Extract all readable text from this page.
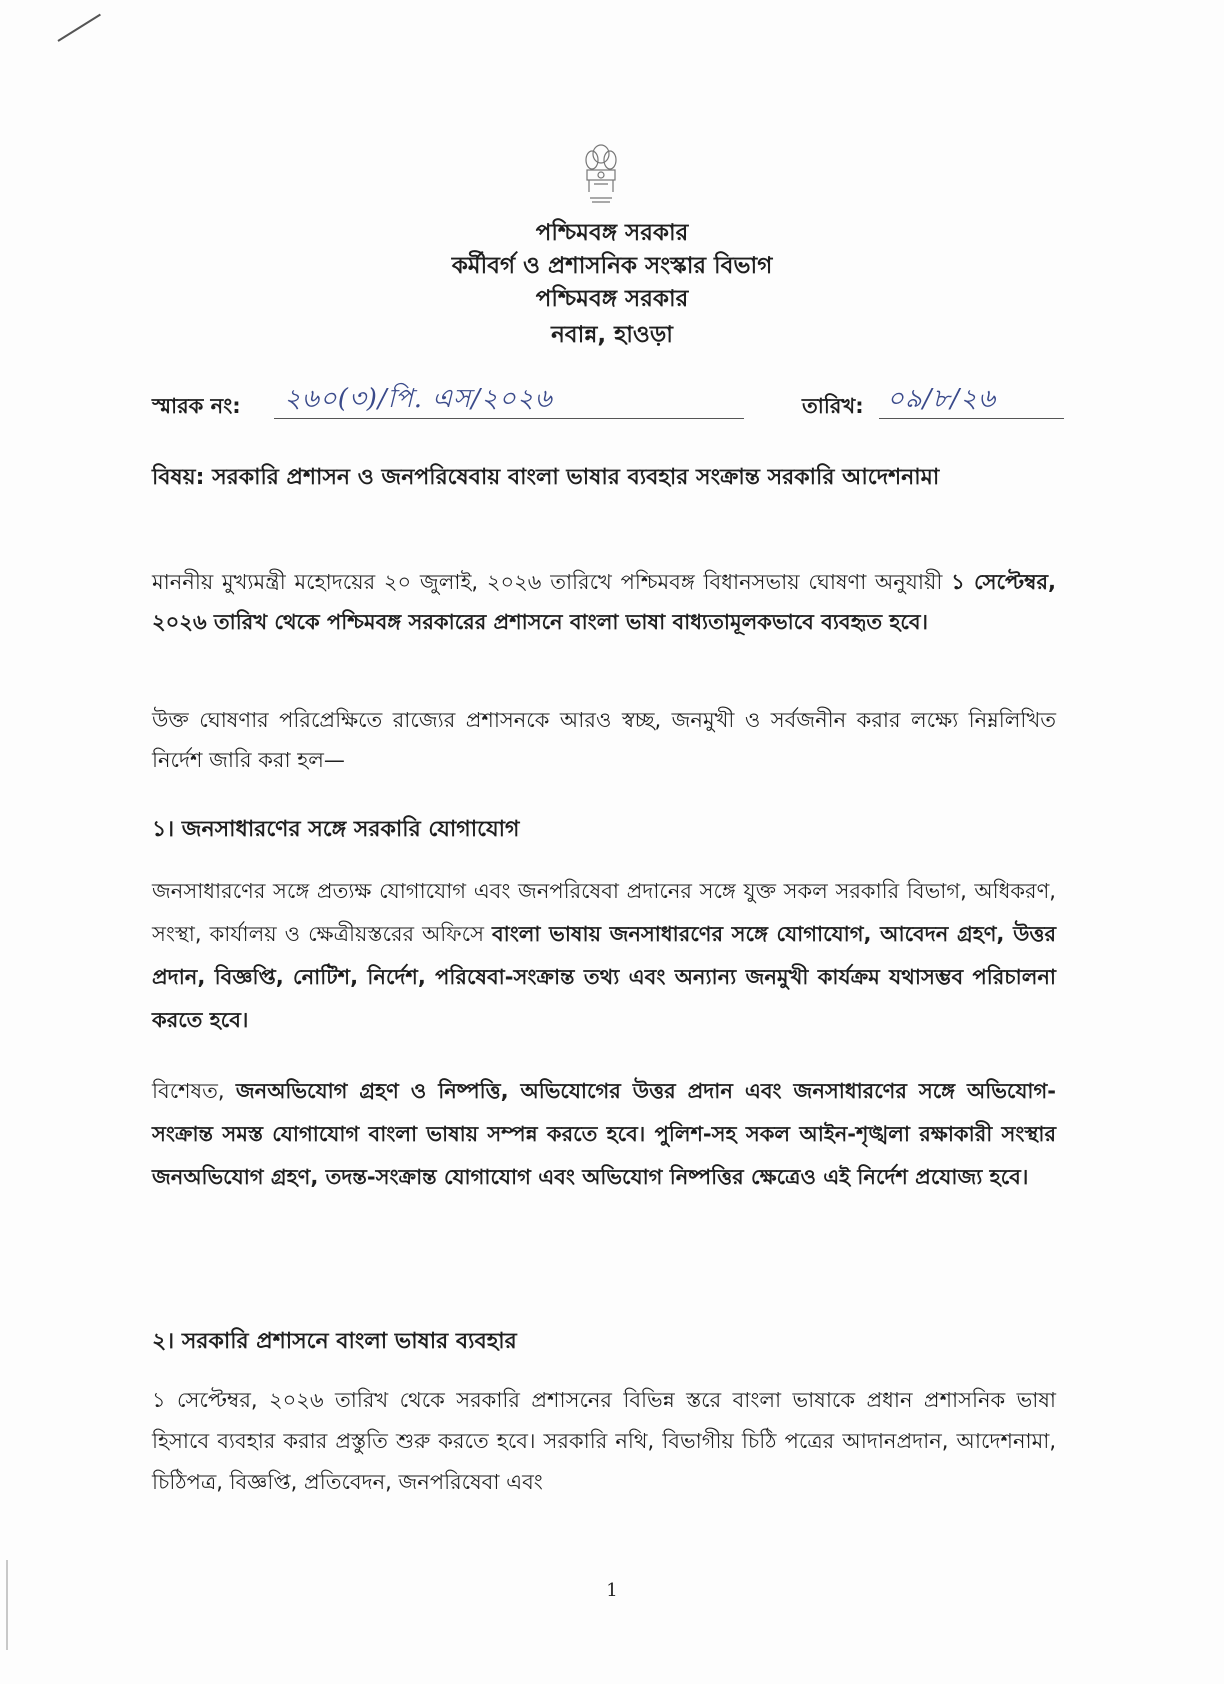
পশ্চিমবঙ্গ সরকার
কর্মীবর্গ ও প্রশাসনিক সংস্কার বিভাগ
পশ্চিমবঙ্গ সরকার
নবান্ন, হাওড়া
স্মারক নং: ২৬০(৩)/পি. এস/২০২৬	তারিখ: ০৯/৮/২৬
বিষয়: সরকারি প্রশাসন ও জনপরিষেবায় বাংলা ভাষার ব্যবহার সংক্রান্ত সরকারি আদেশনামা
মাননীয় মুখ্যমন্ত্রী মহোদয়ের ২০ জুলাই, ২০২৬ তারিখে পশ্চিমবঙ্গ বিধানসভায় ঘোষণা অনুযায়ী ১ সেপ্টেম্বর, ২০২৬ তারিখ থেকে পশ্চিমবঙ্গ সরকারের প্রশাসনে বাংলা ভাষা বাধ্যতামূলকভাবে ব্যবহৃত হবে।
উক্ত ঘোষণার পরিপ্রেক্ষিতে রাজ্যের প্রশাসনকে আরও স্বচ্ছ, জনমুখী ও সর্বজনীন করার লক্ষ্যে নিম্নলিখিত নির্দেশ জারি করা হল—
১। জনসাধারণের সঙ্গে সরকারি যোগাযোগ
জনসাধারণের সঙ্গে প্রত্যক্ষ যোগাযোগ এবং জনপরিষেবা প্রদানের সঙ্গে যুক্ত সকল সরকারি বিভাগ, অধিকরণ, সংস্থা, কার্যালয় ও ক্ষেত্রীয়স্তরের অফিসে বাংলা ভাষায় জনসাধারণের সঙ্গে যোগাযোগ, আবেদন গ্রহণ, উত্তর প্রদান, বিজ্ঞপ্তি, নোটিশ, নির্দেশ, পরিষেবা-সংক্রান্ত তথ্য এবং অন্যান্য জনমুখী কার্যক্রম যথাসম্ভব পরিচালনা করতে হবে।
বিশেষত, জনঅভিযোগ গ্রহণ ও নিষ্পত্তি, অভিযোগের উত্তর প্রদান এবং জনসাধারণের সঙ্গে অভিযোগ- সংক্রান্ত সমস্ত যোগাযোগ বাংলা ভাষায় সম্পন্ন করতে হবে। পুলিশ-সহ সকল আইন-শৃঙ্খলা রক্ষাকারী সংস্থার জনঅভিযোগ গ্রহণ, তদন্ত-সংক্রান্ত যোগাযোগ এবং অভিযোগ নিষ্পত্তির ক্ষেত্রেও এই নির্দেশ প্রযোজ্য হবে।
২। সরকারি প্রশাসনে বাংলা ভাষার ব্যবহার
১ সেপ্টেম্বর, ২০২৬ তারিখ থেকে সরকারি প্রশাসনের বিভিন্ন স্তরে বাংলা ভাষাকে প্রধান প্রশাসনিক ভাষা হিসাবে ব্যবহার করার প্রস্তুতি শুরু করতে হবে। সরকারি নথি, বিভাগীয় চিঠি পত্রের আদানপ্রদান, আদেশনামা, চিঠিপত্র, বিজ্ঞপ্তি, প্রতিবেদন, জনপরিষেবা এবং
1
